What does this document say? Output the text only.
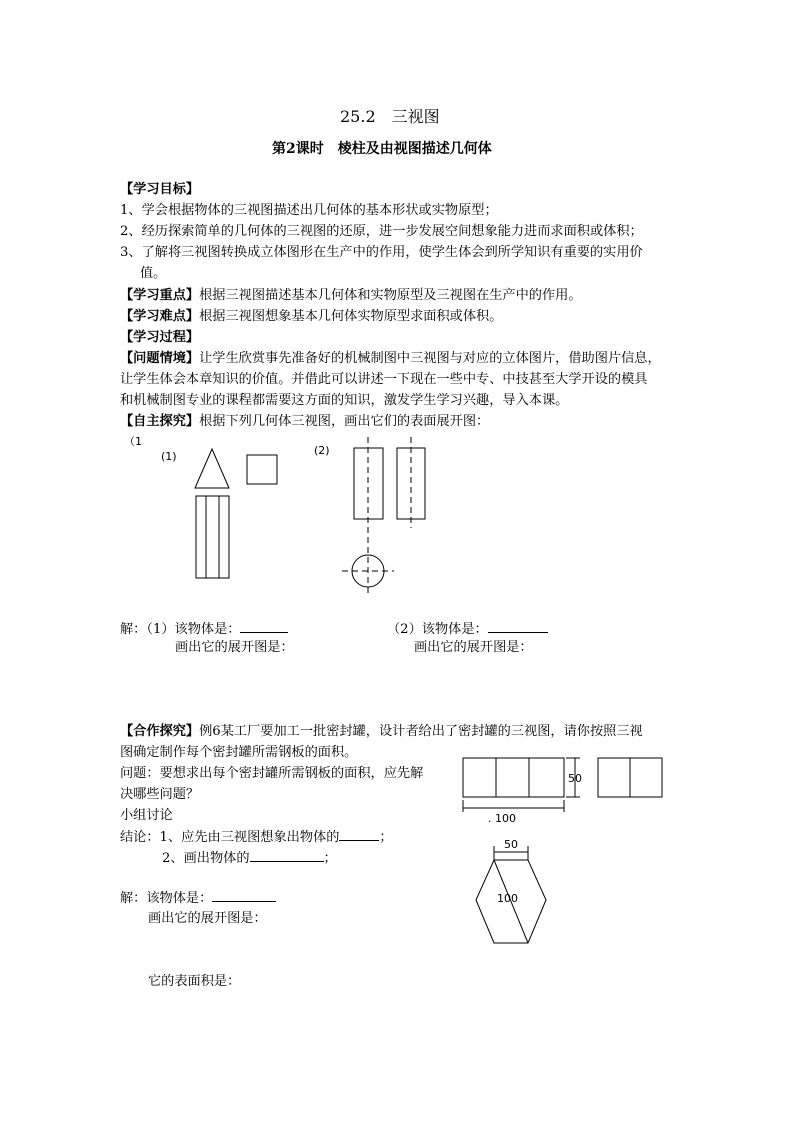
25.2　三视图
第2课时　棱柱及由视图描述几何体
【学习目标】
1、学会根据物体的三视图描述出几何体的基本形状或实物原型；
2、经历探索简单的几何体的三视图的还原，进一步发展空间想象能力进而求面积或体积；
3、了解将三视图转换成立体图形在生产中的作用，使学生体会到所学知识有重要的实用价
值。
【学习重点】根据三视图描述基本几何体和实物原型及三视图在生产中的作用。
【学习难点】根据三视图想象基本几何体实物原型求面积或体积。
【学习过程】
【问题情境】让学生欣赏事先准备好的机械制图中三视图与对应的立体图片，借助图片信息，
让学生体会本章知识的价值。并借此可以讲述一下现在一些中专、中技甚至大学开设的模具
和机械制图专业的课程都需要这方面的知识，激发学生学习兴趣，导入本课。
【自主探究】根据下列几何体三视图，画出它们的表面展开图：
（1
(1)	(2)
解：（1）该物体是：	（2）该物体是：
画出它的展开图是：	画出它的展开图是：
【合作探究】例6某工厂要加工一批密封罐，设计者给出了密封罐的三视图，请你按照三视
图确定制作每个密封罐所需钢板的面积。
问题：要想求出每个密封罐所需钢板的面积，应先解
决哪些问题？
小组讨论
结论：1、应先由三视图想象出物体的	；
2、画出物体的	；
解：该物体是：
画出它的展开图是：
它的表面积是：
50
. 100
50
100
